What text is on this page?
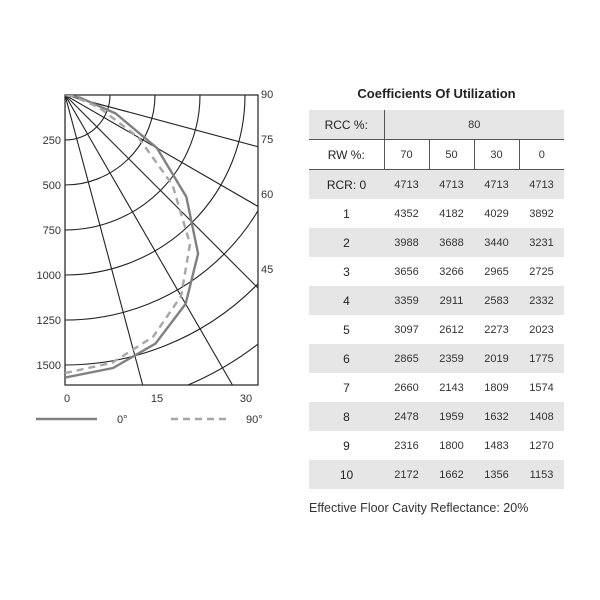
250
500
750
1000
1250
1500
90
75
60
45
0	15	30
0°	90°
Coefficients Of Utilization
RCC %:	80			
RW %:	70	50	30	0
RCR: 0	4713	4713	4713	4713
1	4352	4182	4029	3892
2	3988	3688	3440	3231
3	3656	3266	2965	2725
4	3359	2911	2583	2332
5	3097	2612	2273	2023
6	2865	2359	2019	1775
7	2660	2143	1809	1574
8	2478	1959	1632	1408
9	2316	1800	1483	1270
10	2172	1662	1356	1153
Effective Floor Cavity Reflectance: 20%
